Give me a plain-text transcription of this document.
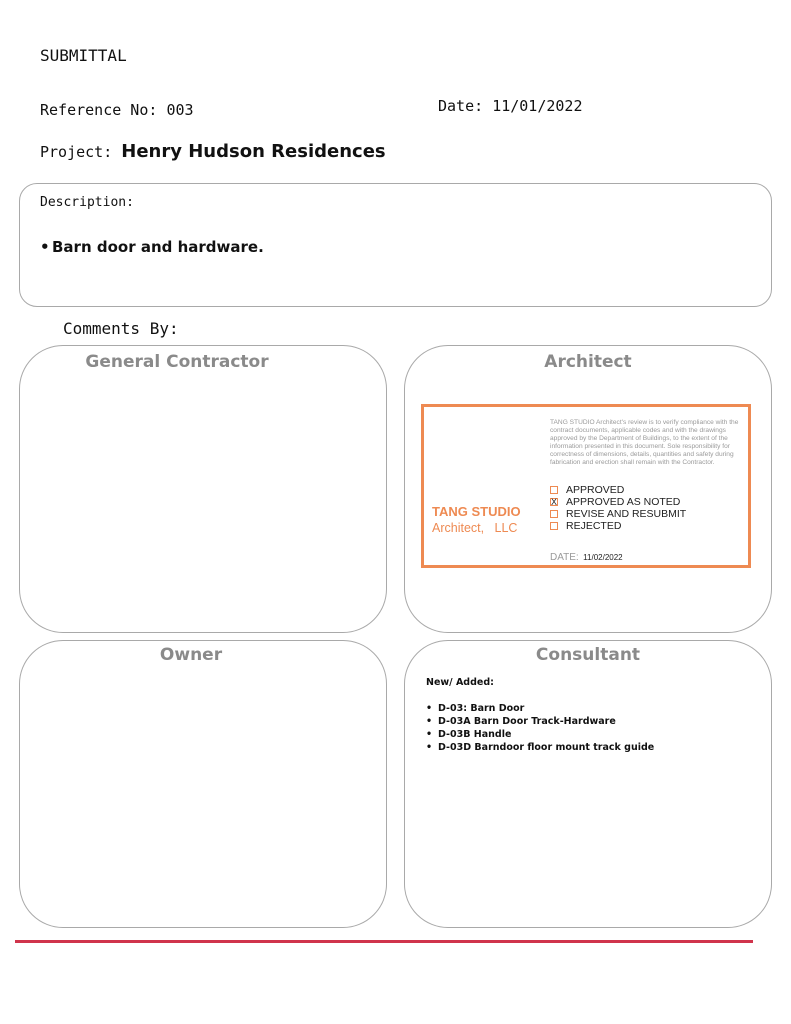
SUBMITTAL
Reference No: 003	Date: 11/01/2022
Project: Henry Hudson Residences
Description:
• Barn door and hardware.
Comments By:
General Contractor	Architect
TANG STUDIO Architect's review is to verify compliance with the contract documents, applicable codes and with the drawings approved by the Department of Buildings, to the extent of the information presented in this document. Sole responsibility for correctness of dimensions, details, quantities and safety during fabrication and erection shall remain with the Contractor.
TANG STUDIO
Architect,   LLC
APPROVED
X APPROVED AS NOTED
REVISE AND RESUBMIT
REJECTED
DATE: 11/02/2022
Owner	Consultant
New/ Added:
• D-03: Barn Door
• D-03A Barn Door Track-Hardware
• D-03B Handle
• D-03D Barndoor floor mount track guide
